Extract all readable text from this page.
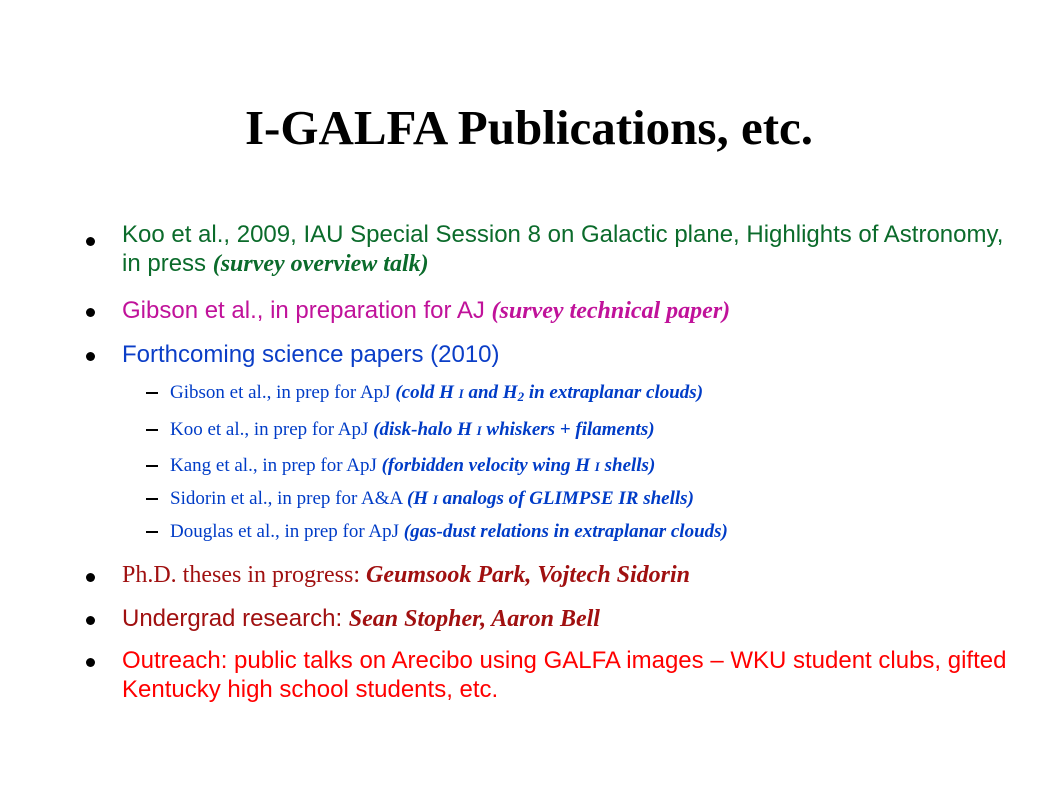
I-GALFA Publications, etc.
Koo et al., 2009, IAU Special Session 8 on Galactic plane, Highlights of Astronomy, in press (survey overview talk)
Gibson et al., in preparation for AJ (survey technical paper)
Forthcoming science papers (2010)
Gibson et al., in prep for ApJ (cold H I and H2 in extraplanar clouds)
Koo et al., in prep for ApJ (disk-halo H I whiskers + filaments)
Kang et al., in prep for ApJ (forbidden velocity wing H I shells)
Sidorin et al., in prep for A&A (H I analogs of GLIMPSE IR shells)
Douglas et al., in prep for ApJ (gas-dust relations in extraplanar clouds)
Ph.D. theses in progress: Geumsook Park, Vojtech Sidorin
Undergrad research: Sean Stopher, Aaron Bell
Outreach: public talks on Arecibo using GALFA images – WKU student clubs, gifted Kentucky high school students, etc.
